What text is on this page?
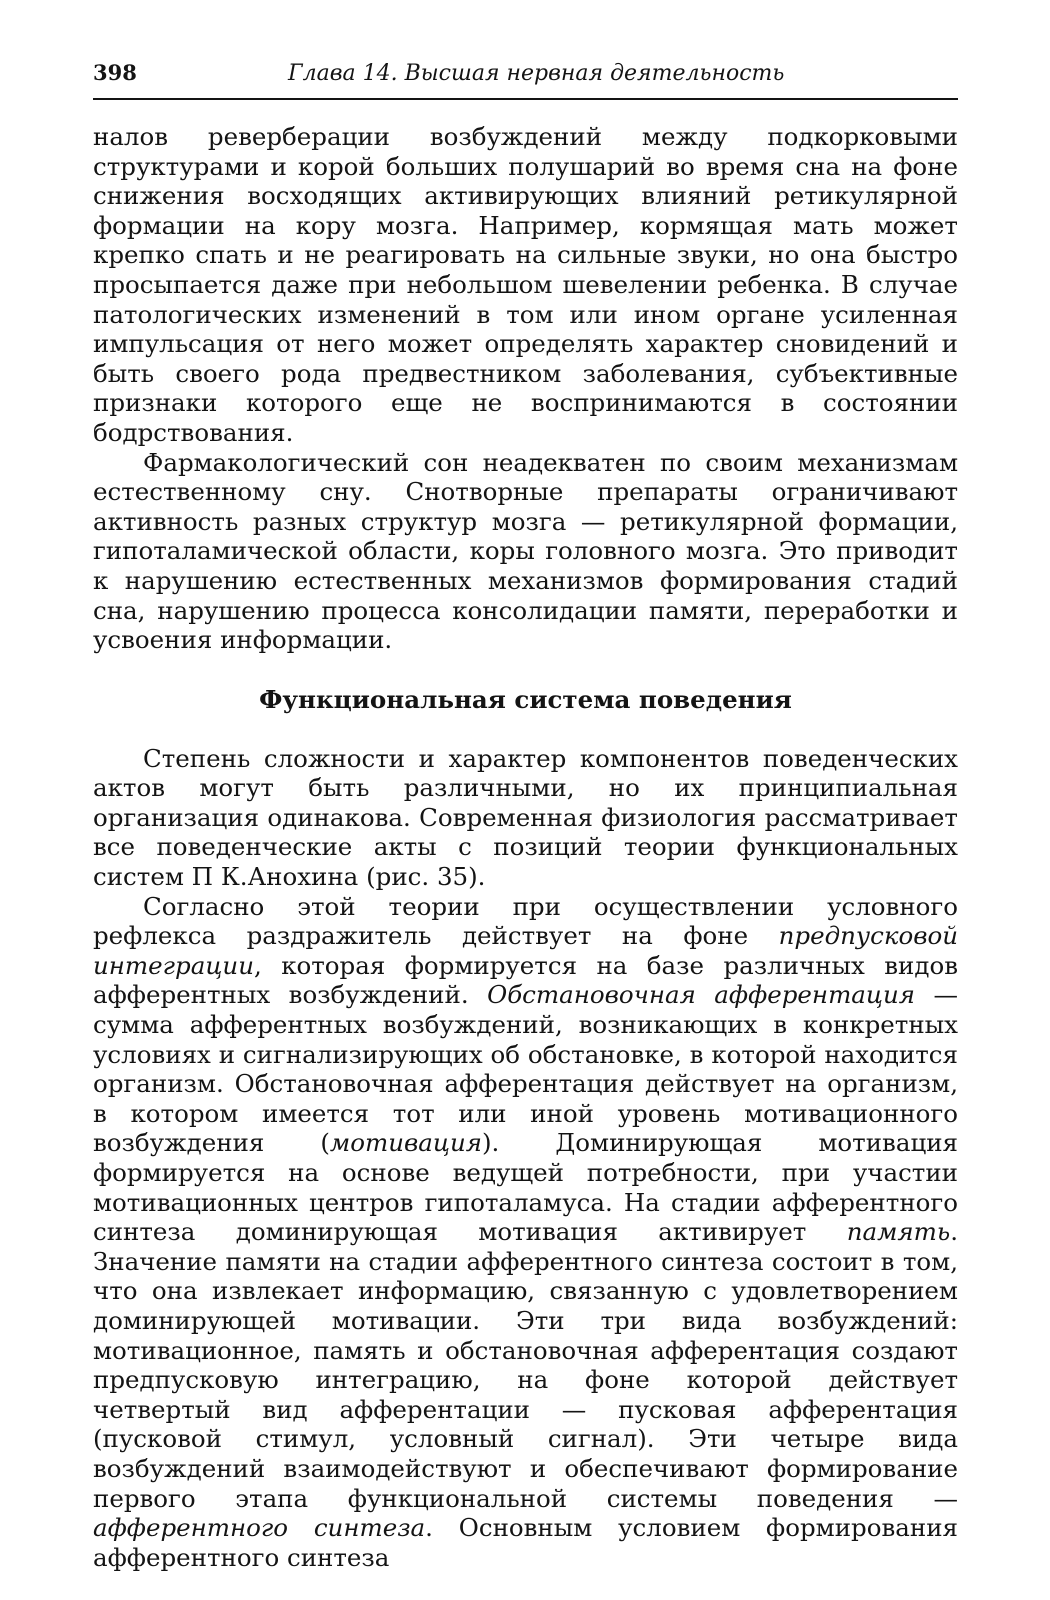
398	Глава 14. Высшая нервная деятельность

налов реверберации возбуждений между подкорковыми структурами и корой больших полушарий во время сна на фоне снижения восходящих активирующих влияний ретикулярной формации на кору мозга. Например, кормящая мать может крепко спать и не реагировать на сильные звуки, но она быстро просыпается даже при небольшом шевелении ребенка. В случае патологических изменений в том или ином органе усиленная импульсация от него может определять характер сновидений и быть своего рода предвестником заболевания, субъективные признаки которого еще не воспринимаются в состоянии бодрствования.

Фармакологический сон неадекватен по своим механизмам естественному сну. Снотворные препараты ограничивают активность разных структур мозга — ретикулярной формации, гипоталамической области, коры головного мозга. Это приводит к нарушению естественных механизмов формирования стадий сна, нарушению процесса консолидации памяти, переработки и усвоения информации.

Функциональная система поведения

Степень сложности и характер компонентов поведенческих актов могут быть различными, но их принципиальная организация одинакова. Современная физиология рассматривает все поведенческие акты с позиций теории функциональных систем П К.Анохина (рис. 35).

Согласно этой теории при осуществлении условного рефлекса раздражитель действует на фоне предпусковой интеграции, которая формируется на базе различных видов афферентных возбуждений. Обстановочная афферентация — сумма афферентных возбуждений, возникающих в конкретных условиях и сигнализирующих об обстановке, в которой находится организм. Обстановочная афферентация действует на организм, в котором имеется тот или иной уровень мотивационного возбуждения (мотивация). Доминирующая мотивация формируется на основе ведущей потребности, при участии мотивационных центров гипоталамуса. На стадии афферентного синтеза доминирующая мотивация активирует память. Значение памяти на стадии афферентного синтеза состоит в том, что она извлекает информацию, связанную с удовлетворением доминирующей мотивации. Эти три вида возбуждений: мотивационное, память и обстановочная афферентация создают предпусковую интеграцию, на фоне которой действует четвертый вид афферентации — пусковая афферентация (пусковой стимул, условный сигнал). Эти четыре вида возбуждений взаимодействуют и обеспечивают формирование первого этапа функциональной системы поведения — афферентного синтеза. Основным условием формирования афферентного синтеза
